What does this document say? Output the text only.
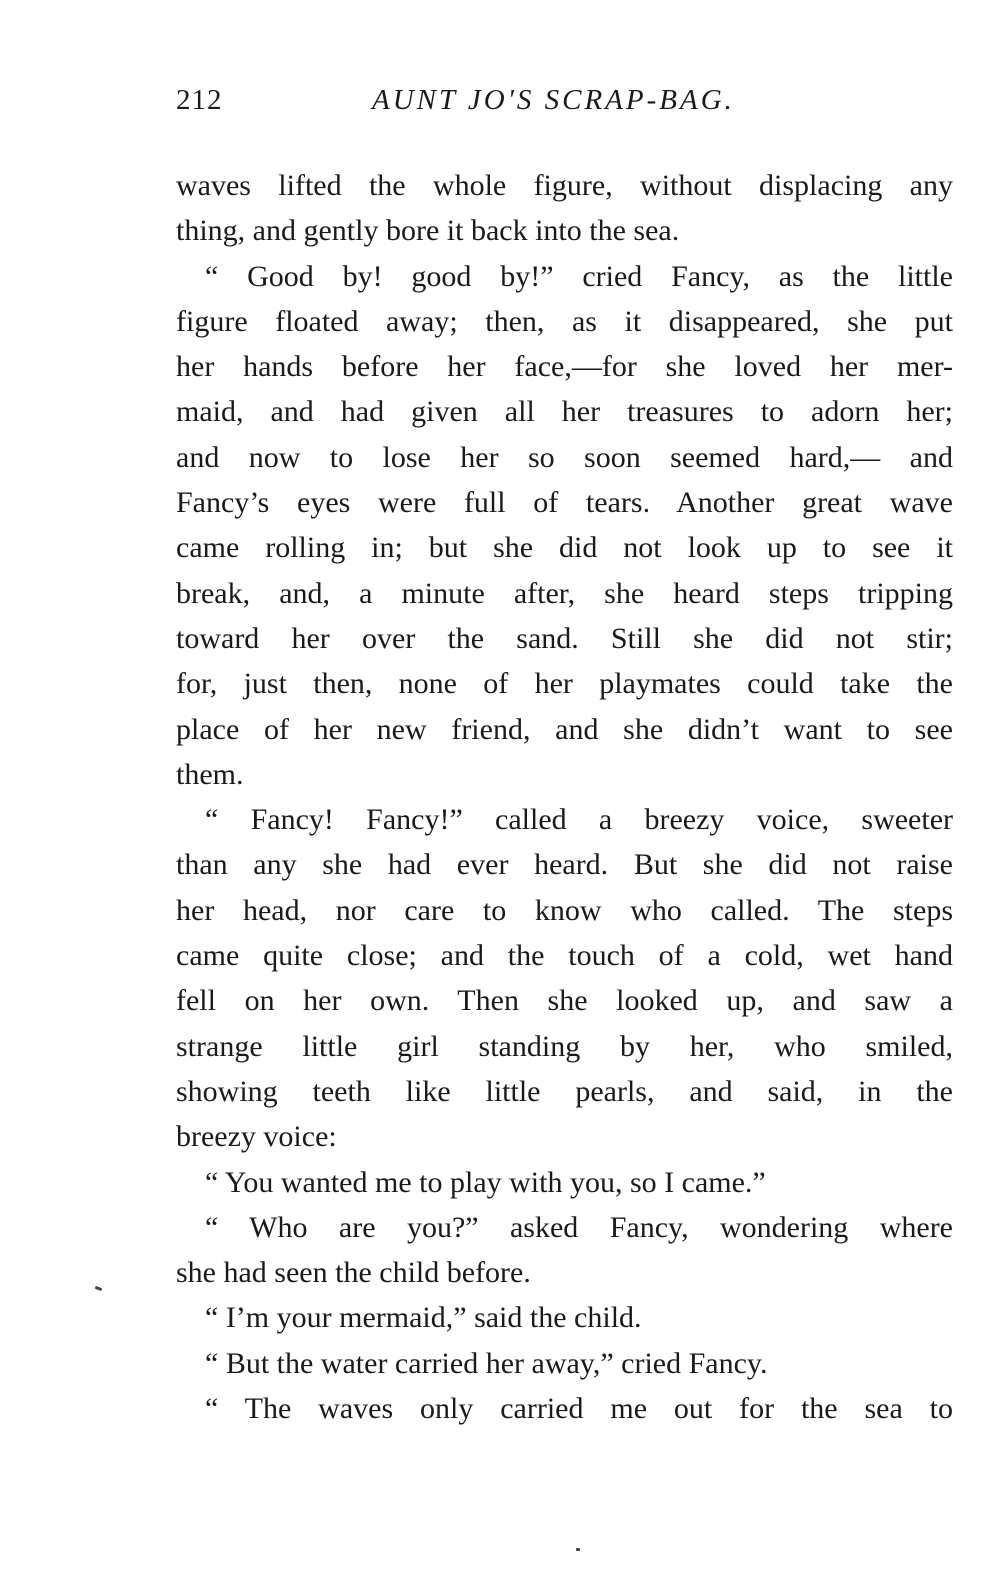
212	AUNT JO'S SCRAP-BAG.
waves lifted the whole figure, without displacing any
thing, and gently bore it back into the sea.
“ Good by! good by!” cried Fancy, as the little
figure floated away; then, as it disappeared, she put
her hands before her face,—for she loved her mer-
maid, and had given all her treasures to adorn her;
and now to lose her so soon seemed hard,— and
Fancy’s eyes were full of tears. Another great wave
came rolling in; but she did not look up to see it
break, and, a minute after, she heard steps tripping
toward her over the sand. Still she did not stir;
for, just then, none of her playmates could take the
place of her new friend, and she didn’t want to see
them.
“ Fancy! Fancy!” called a breezy voice, sweeter
than any she had ever heard. But she did not raise
her head, nor care to know who called. The steps
came quite close; and the touch of a cold, wet hand
fell on her own. Then she looked up, and saw a
strange little girl standing by her, who smiled,
showing teeth like little pearls, and said, in the
breezy voice:
“ You wanted me to play with you, so I came.”
“ Who are you?” asked Fancy, wondering where
she had seen the child before.
“ I’m your mermaid,” said the child.
“ But the water carried her away,” cried Fancy.
“ The waves only carried me out for the sea to
